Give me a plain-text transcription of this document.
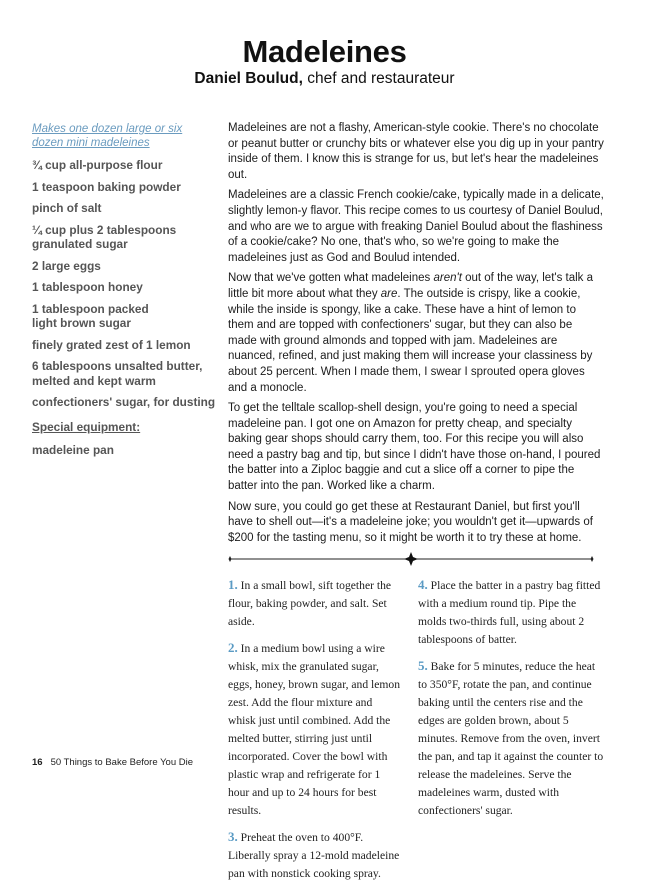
Madeleines
Daniel Boulud, chef and restaurateur
Makes one dozen large or six dozen mini madeleines
¾ cup all-purpose flour
1 teaspoon baking powder
pinch of salt
¼ cup plus 2 tablespoons granulated sugar
2 large eggs
1 tablespoon honey
1 tablespoon packed light brown sugar
finely grated zest of 1 lemon
6 tablespoons unsalted butter, melted and kept warm
confectioners' sugar, for dusting
Special equipment:
madeleine pan

Madeleines are not a flashy, American-style cookie. There's no chocolate or peanut butter or crunchy bits or whatever else you dig up in your pantry inside of them. I know this is strange for us, but let's hear the madeleines out.

Madeleines are a classic French cookie/cake, typically made in a delicate, slightly lemon-y flavor. This recipe comes to us courtesy of Daniel Boulud, and who are we to argue with freaking Daniel Boulud about the flashiness of a cookie/cake? No one, that's who, so we're going to make the madeleines just as God and Boulud intended.

Now that we've gotten what madeleines aren't out of the way, let's talk a little bit more about what they are. The outside is crispy, like a cookie, while the inside is spongy, like a cake. These have a hint of lemon to them and are topped with confectioners' sugar, but they can also be made with ground almonds and topped with jam. Madeleines are nuanced, refined, and just making them will increase your classiness by about 25 percent. When I made them, I swear I sprouted opera gloves and a monocle.

To get the telltale scallop-shell design, you're going to need a special madeleine pan. I got one on Amazon for pretty cheap, and specialty baking gear shops should carry them, too. For this recipe you will also need a pastry bag and tip, but since I didn't have those on-hand, I poured the batter into a Ziploc baggie and cut a slice off a corner to pipe the batter into the pan. Worked like a charm.

Now sure, you could go get these at Restaurant Daniel, but first you'll have to shell out—it's a madeleine joke; you wouldn't get it—upwards of $200 for the tasting menu, so it might be worth it to try these at home.

1. In a small bowl, sift together the flour, baking powder, and salt. Set aside.

2. In a medium bowl using a wire whisk, mix the granulated sugar, eggs, honey, brown sugar, and lemon zest. Add the flour mixture and whisk just until combined. Add the melted butter, stirring just until incorporated. Cover the bowl with plastic wrap and refrigerate for 1 hour and up to 24 hours for best results.

3. Preheat the oven to 400°F. Liberally spray a 12-mold madeleine pan with nonstick cooking spray.

4. Place the batter in a pastry bag fitted with a medium round tip. Pipe the molds two-thirds full, using about 2 tablespoons of batter.

5. Bake for 5 minutes, reduce the heat to 350°F, rotate the pan, and continue baking until the centers rise and the edges are golden brown, about 5 minutes. Remove from the oven, invert the pan, and tap it against the counter to release the madeleines. Serve the madeleines warm, dusted with confectioners' sugar.

16 50 Things to Bake Before You Die
